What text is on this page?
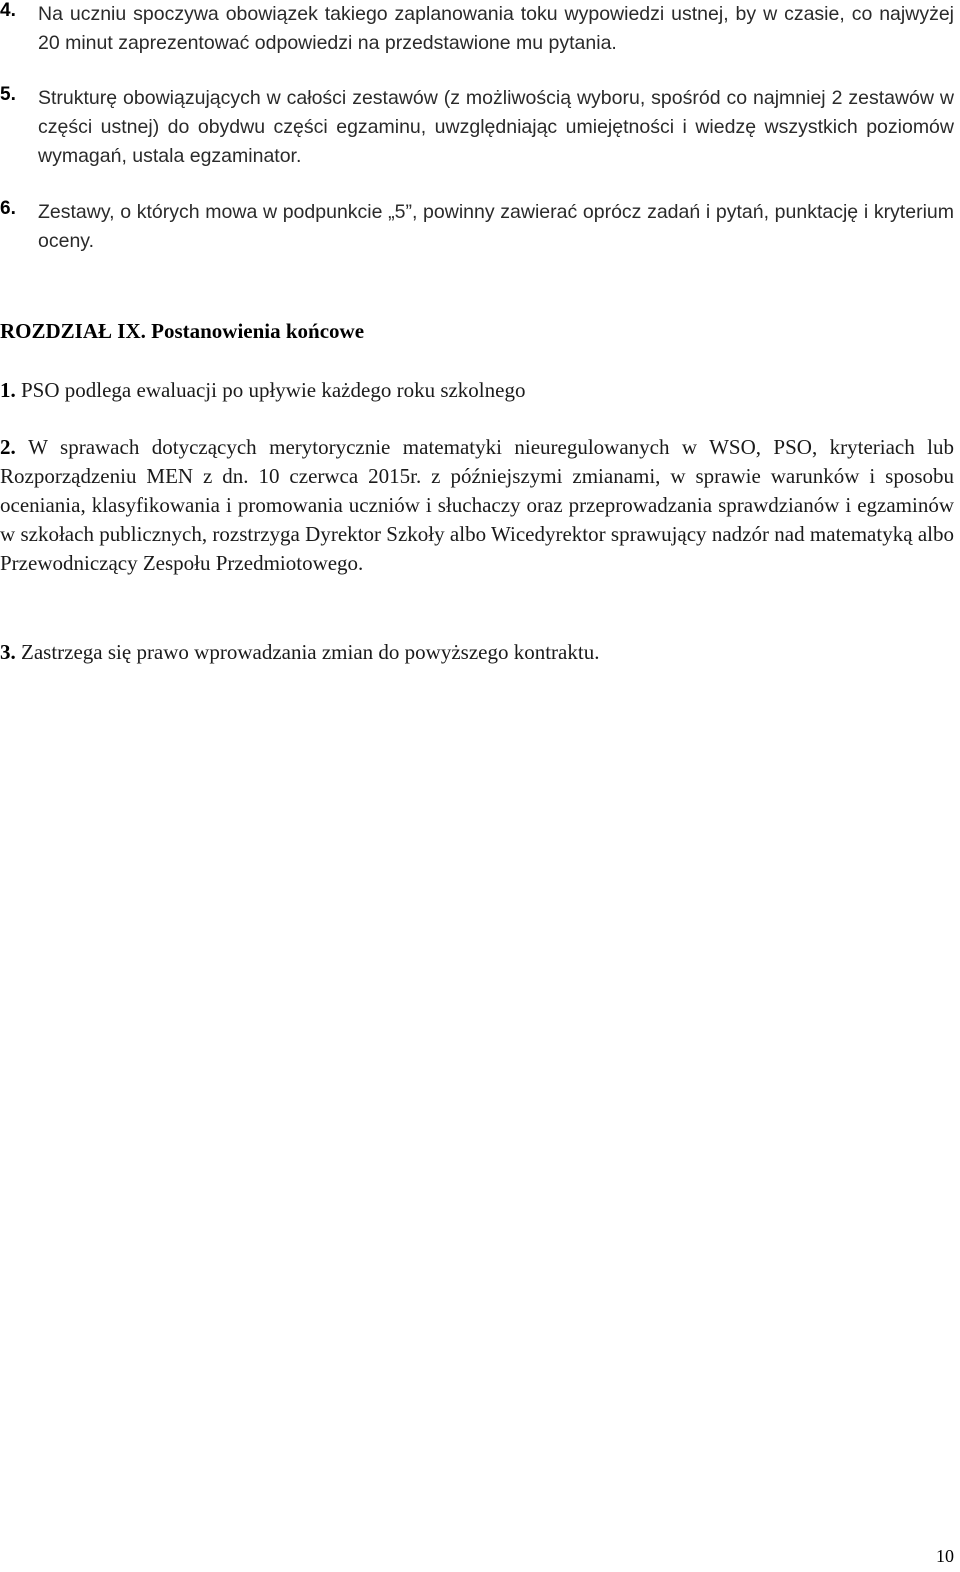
4. Na uczniu spoczywa obowiązek takiego zaplanowania toku wypowiedzi ustnej, by w czasie, co najwyżej 20 minut zaprezentować odpowiedzi na przedstawione mu pytania.
5. Strukturę obowiązujących w całości zestawów (z możliwością wyboru, spośród co najmniej 2 zestawów w części ustnej) do obydwu części egzaminu, uwzględniając umiejętności i wiedzę wszystkich poziomów wymagań, ustala egzaminator.
6. Zestawy, o których mowa w podpunkcie „5”, powinny zawierać oprócz zadań i pytań, punktację i kryterium oceny.
ROZDZIAŁ IX. Postanowienia końcowe
1. PSO podlega ewaluacji po upływie każdego roku szkolnego
2. W sprawach dotyczących merytorycznie matematyki nieuregulowanych w WSO, PSO, kryteriach lub Rozporządzeniu MEN z dn. 10 czerwca 2015r. z późniejszymi zmianami, w sprawie warunków i sposobu oceniania, klasyfikowania i promowania uczniów i słuchaczy oraz przeprowadzania sprawdzianów i egzaminów w szkołach publicznych, rozstrzyga Dyrektor Szkoły albo Wicedyrektor sprawujący nadzór nad matematyką albo Przewodniczący Zespołu Przedmiotowego.
3. Zastrzega się prawo wprowadzania zmian do powyższego kontraktu.
10
